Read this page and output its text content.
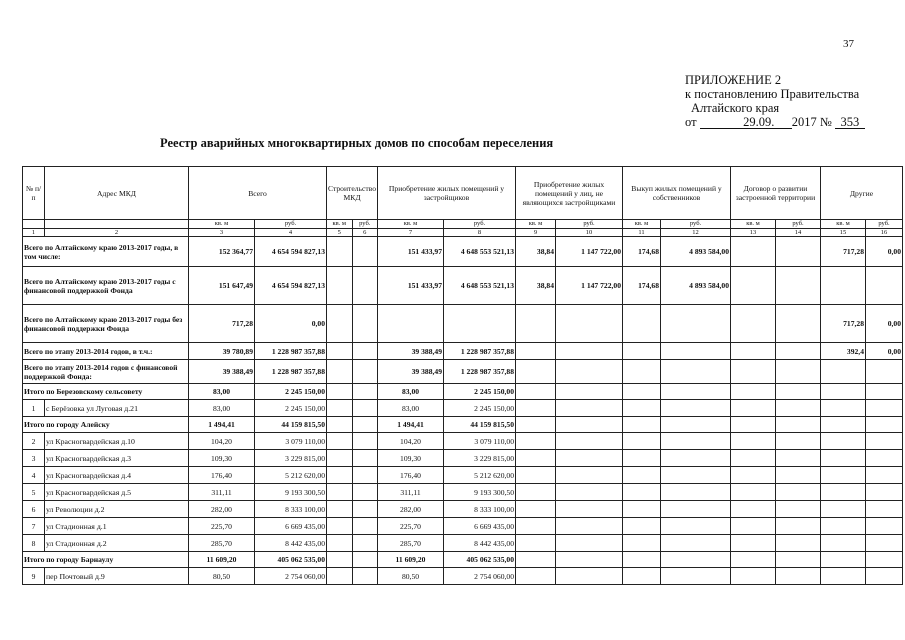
37
ПРИЛОЖЕНИЕ 2
к постановлению Правительства
Алтайского края
от	29.09. 2017 № 353
Реестр аварийных многоквартирных домов по способам переселения
№ п/п	Адрес МКД	Всего		Строительство МКД		Приобретение жилых помещений у застройщиков		Приобретение жилых помещений у лиц, не являющихся застройщиками		Выкуп жилых помещений у собственников		Договор о развитии застроенной территории		Другие	
		кв. м	руб.	кв. м	руб.	кв. м	руб.	кв. м	руб.	кв. м	руб.	кв. м	руб.	кв. м	руб.
1	2	3	4	5	6	7	8	9	10	11	12	13	14	15	16
Всего по Алтайскому краю 2013-2017 годы, в том числе:		152 364,77	4 654 594 827,13			151 433,97	4 648 553 521,13	38,84	1 147 722,00	174,68	4 893 584,00			717,28	0,00
Всего по Алтайскому краю 2013-2017 годы с финансовой поддержкой Фонда		151 647,49	4 654 594 827,13			151 433,97	4 648 553 521,13	38,84	1 147 722,00	174,68	4 893 584,00				
Всего по Алтайскому краю 2013-2017 годы без финансовой поддержки Фонда		717,28	0,00											717,28	0,00
Всего по этапу 2013-2014 годов, в т.ч.:		39 780,89	1 228 987 357,88			39 388,49	1 228 987 357,88							392,4	0,00
Всего по этапу 2013-2014 годов с финансовой поддержкой Фонда:		39 388,49	1 228 987 357,88			39 388,49	1 228 987 357,88								
Итого по Березовскому сельсовету		83,00	2 245 150,00			83,00	2 245 150,00								
1	с Берёзовка ул Луговая д.21	83,00	2 245 150,00			83,00	2 245 150,00								
Итого по городу Алейску		1 494,41	44 159 815,50			1 494,41	44 159 815,50								
2	ул Красногвардейская д.10	104,20	3 079 110,00			104,20	3 079 110,00								
3	ул Красногвардейская д.3	109,30	3 229 815,00			109,30	3 229 815,00								
4	ул Красногвардейская д.4	176,40	5 212 620,00			176,40	5 212 620,00								
5	ул Красногвардейская д.5	311,11	9 193 300,50			311,11	9 193 300,50								
6	ул Революции д.2	282,00	8 333 100,00			282,00	8 333 100,00								
7	ул Стадионная д.1	225,70	6 669 435,00			225,70	6 669 435,00								
8	ул Стадионная д.2	285,70	8 442 435,00			285,70	8 442 435,00								
Итого по городу Барнаулу		11 609,20	405 062 535,00			11 609,20	405 062 535,00								
9	пер Почтовый д.9	80,50	2 754 060,00			80,50	2 754 060,00								
